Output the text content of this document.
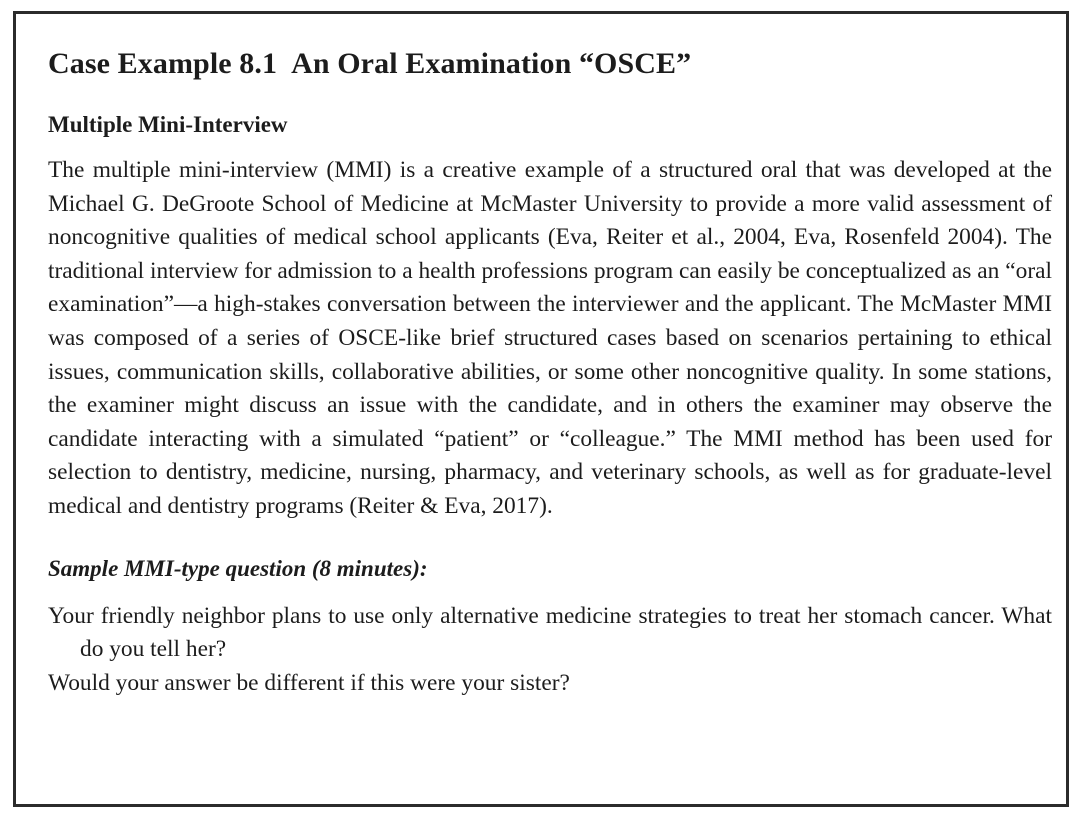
Case Example 8.1 An Oral Examination “OSCE”
Multiple Mini-Interview

The multiple mini-interview (MMI) is a creative example of a structured oral that was developed at the Michael G. DeGroote School of Medicine at McMaster University to provide a more valid assessment of noncognitive qualities of medical school applicants (Eva, Reiter et al., 2004, Eva, Rosenfeld 2004). The traditional interview for admission to a health professions program can easily be conceptualized as an “oral examination”—a high-stakes conversation between the interviewer and the applicant. The McMaster MMI was composed of a series of OSCE-like brief structured cases based on scenarios pertaining to ethical issues, communication skills, collaborative abilities, or some other noncognitive quality. In some stations, the examiner might discuss an issue with the candidate, and in others the examiner may observe the candidate interacting with a simulated “patient” or “colleague.” The MMI method has been used for selection to dentistry, medicine, nursing, pharmacy, and veterinary schools, as well as for graduate-level medical and dentistry programs (Reiter & Eva, 2017).

Sample MMI-type question (8 minutes):

Your friendly neighbor plans to use only alternative medicine strategies to treat her stomach cancer. What do you tell her?

Would your answer be different if this were your sister?
